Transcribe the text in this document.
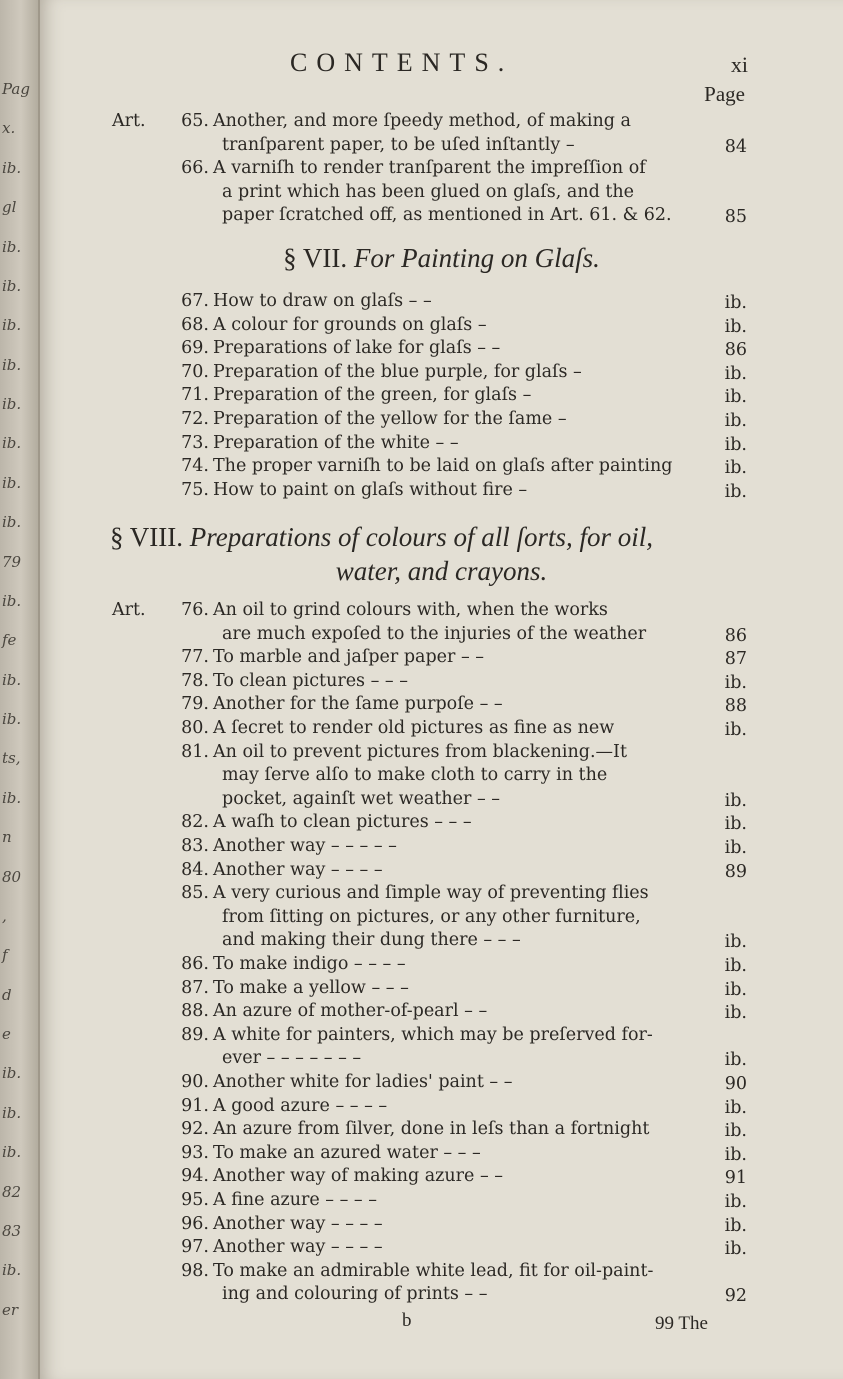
Pag
x.
ib.
gl
ib.
ib.
ib.
ib.
ib.
ib.
ib.
ib.
79
ib.
fe
ib.
ib.
ts,
ib.
n
80
,
f
d
e
ib.
ib.
ib.
82
83
ib.
er
CONTENTS.	xi
Page
Art.	65. Another, and more ſpeedy method, of making a
tranſparent paper, to be uſed inſtantly –	84
66. A varniſh to render tranſparent the impreſſion of
a print which has been glued on glaſs, and the
paper ſcratched off, as mentioned in Art. 61. & 62.	85
§ VII. For Painting on Glaſs.
67. How to draw on glaſs – –	ib.
68. A colour for grounds on glaſs –	ib.
69. Preparations of lake for glaſs – –	86
70. Preparation of the blue purple, for glaſs –	ib.
71. Preparation of the green, for glaſs –	ib.
72. Preparation of the yellow for the ſame –	ib.
73. Preparation of the white – –	ib.
74. The proper varniſh to be laid on glaſs after painting	ib.
75. How to paint on glaſs without fire –	ib.
§ VIII. Preparations of colours of all ſorts, for oil,
water, and crayons.
Art.	76. An oil to grind colours with, when the works
are much expoſed to the injuries of the weather	86
77. To marble and jaſper paper – –	87
78. To clean pictures – – –	ib.
79. Another for the ſame purpoſe – –	88
80. A ſecret to render old pictures as fine as new	ib.
81. An oil to prevent pictures from blackening.—It
may ſerve alſo to make cloth to carry in the
pocket, againſt wet weather – –	ib.
82. A waſh to clean pictures – – –	ib.
83. Another way – – – – –	ib.
84. Another way – – – –	89
85. A very curious and ſimple way of preventing flies
from ſitting on pictures, or any other furniture,
and making their dung there – – –	ib.
86. To make indigo – – – –	ib.
87. To make a yellow – – –	ib.
88. An azure of mother-of-pearl – –	ib.
89. A white for painters, which may be preſerved for-
ever – – – – – – –	ib.
90. Another white for ladies' paint – –	90
91. A good azure – – – –	ib.
92. An azure from ſilver, done in leſs than a fortnight	ib.
93. To make an azured water – – –	ib.
94. Another way of making azure – –	91
95. A fine azure – – – –	ib.
96. Another way – – – –	ib.
97. Another way – – – –	ib.
98. To make an admirable white lead, fit for oil-paint-
ing and colouring of prints – –	92
b	99 The
